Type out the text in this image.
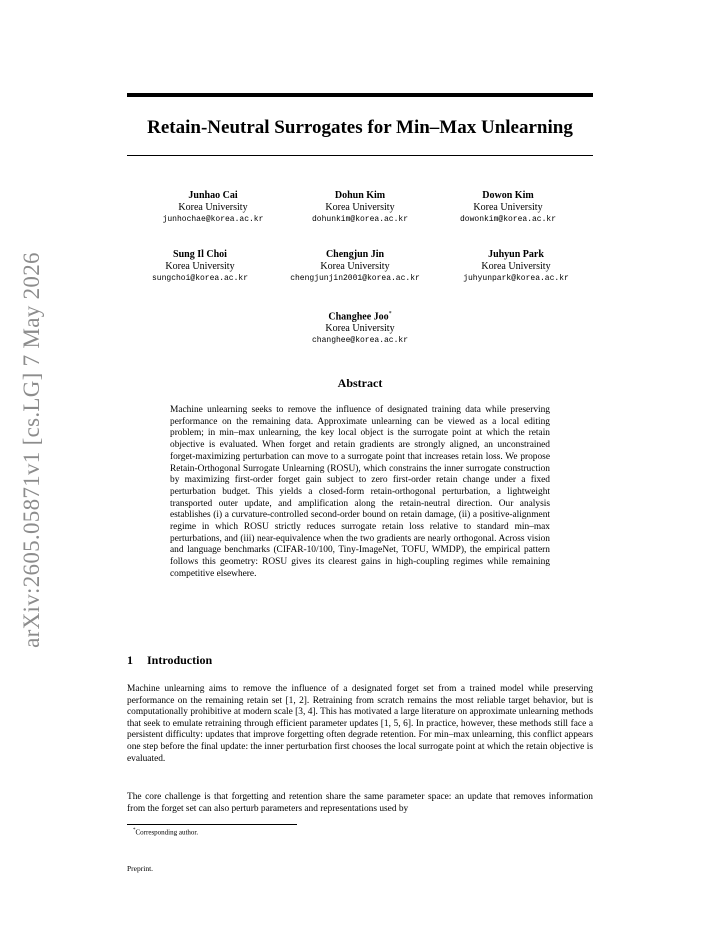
arXiv:2605.05871v1 [cs.LG] 7 May 2026
Retain-Neutral Surrogates for Min–Max Unlearning
Junhao Cai
Korea University
junhochae@korea.ac.kr
Dohun Kim
Korea University
dohunkim@korea.ac.kr
Dowon Kim
Korea University
dowonkim@korea.ac.kr
Sung Il Choi
Korea University
sungchoi@korea.ac.kr
Chengjun Jin
Korea University
chengjunjin2001@korea.ac.kr
Juhyun Park
Korea University
juhyunpark@korea.ac.kr
Changhee Joo*
Korea University
changhee@korea.ac.kr
Abstract
Machine unlearning seeks to remove the influence of designated training data while preserving performance on the remaining data. Approximate unlearning can be viewed as a local editing problem; in min–max unlearning, the key local object is the surrogate point at which the retain objective is evaluated. When forget and retain gradients are strongly aligned, an unconstrained forget-maximizing perturbation can move to a surrogate point that increases retain loss. We propose Retain-Orthogonal Surrogate Unlearning (ROSU), which constrains the inner surrogate construction by maximizing first-order forget gain subject to zero first-order retain change under a fixed perturbation budget. This yields a closed-form retain-orthogonal perturbation, a lightweight transported outer update, and amplification along the retain-neutral direction. Our analysis establishes (i) a curvature-controlled second-order bound on retain damage, (ii) a positive-alignment regime in which ROSU strictly reduces surrogate retain loss relative to standard min–max perturbations, and (iii) near-equivalence when the two gradients are nearly orthogonal. Across vision and language benchmarks (CIFAR-10/100, Tiny-ImageNet, TOFU, WMDP), the empirical pattern follows this geometry: ROSU gives its clearest gains in high-coupling regimes while remaining competitive elsewhere.
1 Introduction
Machine unlearning aims to remove the influence of a designated forget set from a trained model while preserving performance on the remaining retain set [1, 2]. Retraining from scratch remains the most reliable target behavior, but is computationally prohibitive at modern scale [3, 4]. This has motivated a large literature on approximate unlearning methods that seek to emulate retraining through efficient parameter updates [1, 5, 6]. In practice, however, these methods still face a persistent difficulty: updates that improve forgetting often degrade retention. For min–max unlearning, this conflict appears one step before the final update: the inner perturbation first chooses the local surrogate point at which the retain objective is evaluated.
The core challenge is that forgetting and retention share the same parameter space: an update that removes information from the forget set can also perturb parameters and representations used by
*Corresponding author.
Preprint.
